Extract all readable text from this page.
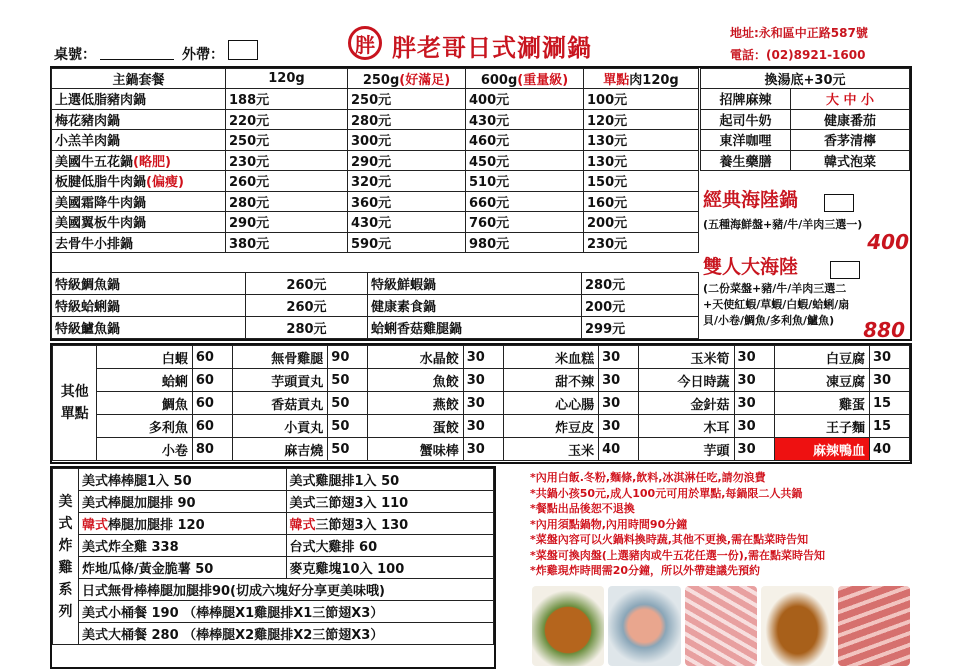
胖 胖老哥日式涮涮鍋
地址:永和區中正路587號
電話：(02)8921-1600
桌號：	外帶：
主鍋套餐	120g	250g(好滿足)	600g(重量級)	單點肉120g
上選低脂豬肉鍋	188元	250元	400元	100元
梅花豬肉鍋	220元	280元	430元	120元
小羔羊肉鍋	250元	300元	460元	130元
美國牛五花鍋(略肥)	230元	290元	450元	130元
板腱低脂牛肉鍋(偏瘦)	260元	320元	510元	150元
美國霜降牛肉鍋	280元	360元	660元	160元
美國翼板牛肉鍋	290元	430元	760元	200元
去骨牛小排鍋	380元	590元	980元	230元
特級鯛魚鍋	260元	特級鮮蝦鍋	280元
特級蛤蜊鍋	260元	健康素食鍋	200元
特級鱸魚鍋	280元	蛤蜊香菇雞腿鍋	299元
換湯底+30元	
招牌麻辣	大 中 小
起司牛奶	健康番茄
東洋咖哩	香茅清檸
養生藥膳	韓式泡菜
經典海陸鍋
(五種海鮮盤+豬/牛/羊肉三選一)
400
雙人大海陸
(二份菜盤+豬/牛/羊肉三選二+天使紅蝦/草蝦/白蝦/蛤蜊/扇貝/小卷/鯛魚/多利魚/鱸魚)	880
其他單點	白蝦	60	無骨雞腿	90	水晶餃	30	米血糕	30	玉米筍	30	白豆腐	30
	蛤蜊	60	芋頭貢丸	50	魚餃	30	甜不辣	30	今日時蔬	30	凍豆腐	30
	鯛魚	60	香菇貢丸	50	燕餃	30	心心腸	30	金針菇	30	雞蛋	15
	多利魚	60	小貢丸	50	蛋餃	30	炸豆皮	30	木耳	30	王子麵	15
	小卷	80	麻吉燒	50	蟹味棒	30	玉米	40	芋頭	30	麻辣鴨血	40
美式炸雞系列	美式棒棒腿1入 50	美式雞腿排1入 50
	美式棒腿加腿排 90	美式三節翅3入 110
	韓式棒腿加腿排 120	韓式三節翅3入 130
	美式炸全雞 338	台式大雞排 60
	炸地瓜條/黃金脆薯 50	麥克雞塊10入 100
	日式無骨棒棒腿加腿排90(切成六塊好分享更美味哦)	
	美式小桶餐 190 （棒棒腿X1雞腿排X1三節翅X3）	
	美式大桶餐 280 （棒棒腿X2雞腿排X2三節翅X3）	
*內用白飯.冬粉,麵條,飲料,冰淇淋任吃,請勿浪費
*共鍋小孩50元,成人100元可用於單點,每鍋限二人共鍋
*餐點出品後恕不退換
*內用須點鍋物,內用時間90分鐘
*菜盤內容可以火鍋料換時蔬,其他不更換,需在點菜時告知
*菜盤可換肉盤(上選豬肉或牛五花任選一份),需在點菜時告知
*炸雞現炸時間需20分鐘，所以外帶建議先預約
